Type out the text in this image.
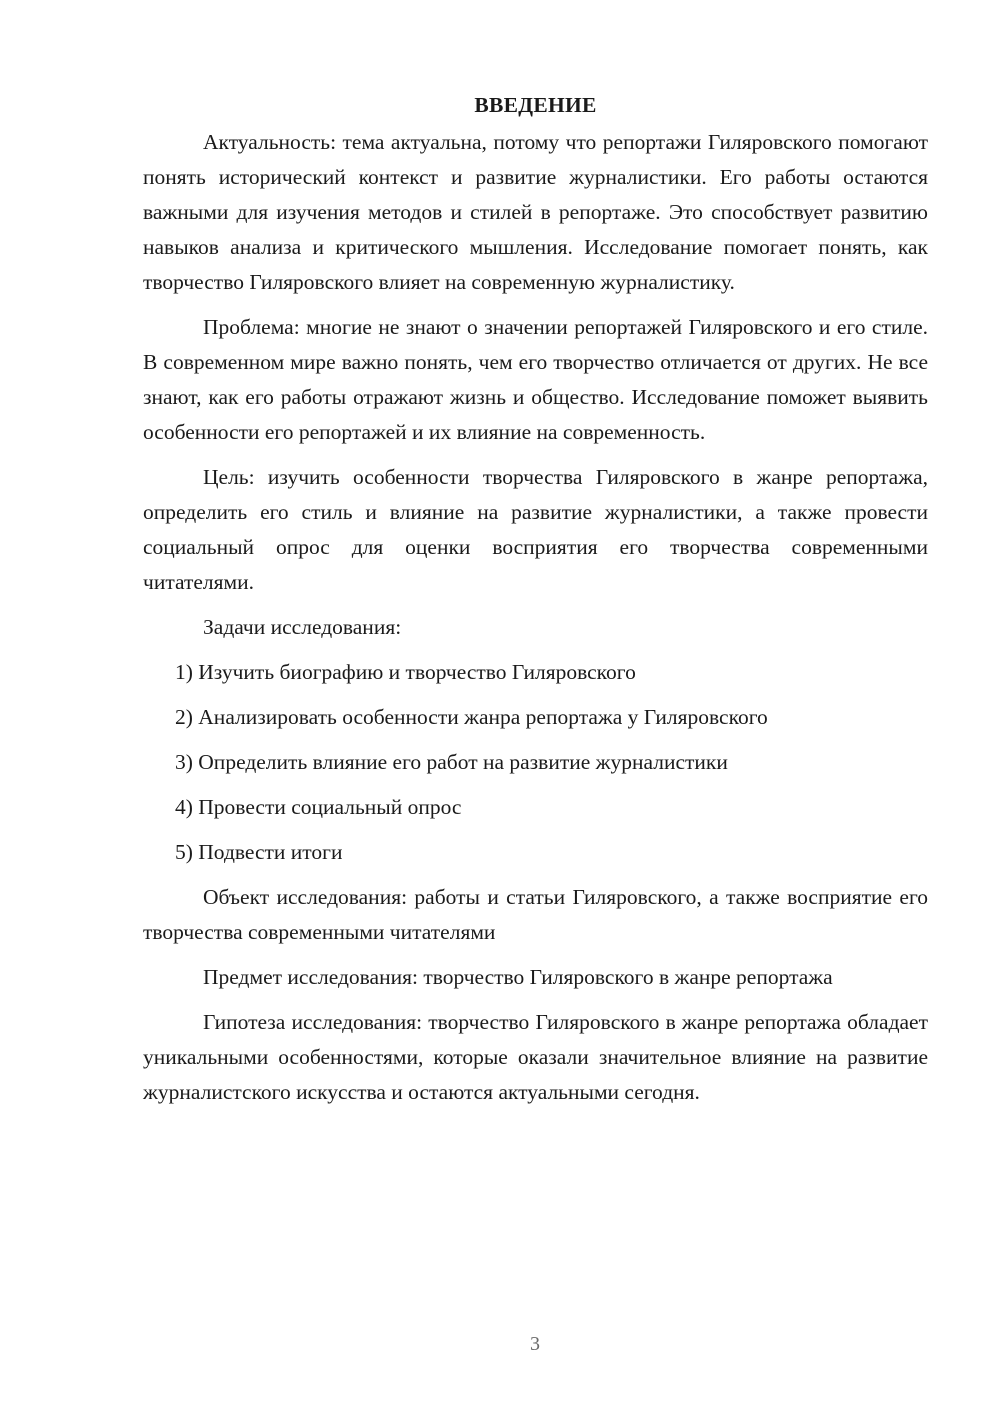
ВВЕДЕНИЕ

Актуальность: тема актуальна, потому что репортажи Гиляровского помогают понять исторический контекст и развитие журналистики. Его работы остаются важными для изучения методов и стилей в репортаже. Это способствует развитию навыков анализа и критического мышления. Исследование помогает понять, как творчество Гиляровского влияет на современную журналистику.

Проблема: многие не знают о значении репортажей Гиляровского и его стиле. В современном мире важно понять, чем его творчество отличается от других. Не все знают, как его работы отражают жизнь и общество. Исследование поможет выявить особенности его репортажей и их влияние на современность.

Цель: изучить особенности творчества Гиляровского в жанре репортажа, определить его стиль и влияние на развитие журналистики, а также провести социальный опрос для оценки восприятия его творчества современными читателями.

Задачи исследования:

1) Изучить биографию и творчество Гиляровского
2) Анализировать особенности жанра репортажа у Гиляровского
3) Определить влияние его работ на развитие журналистики
4) Провести социальный опрос
5) Подвести итоги

Объект исследования: работы и статьи Гиляровского, а также восприятие его творчества современными читателями

Предмет исследования: творчество Гиляровского в жанре репортажа

Гипотеза исследования: творчество Гиляровского в жанре репортажа обладает уникальными особенностями, которые оказали значительное влияние на развитие журналистского искусства и остаются актуальными сегодня.

3
